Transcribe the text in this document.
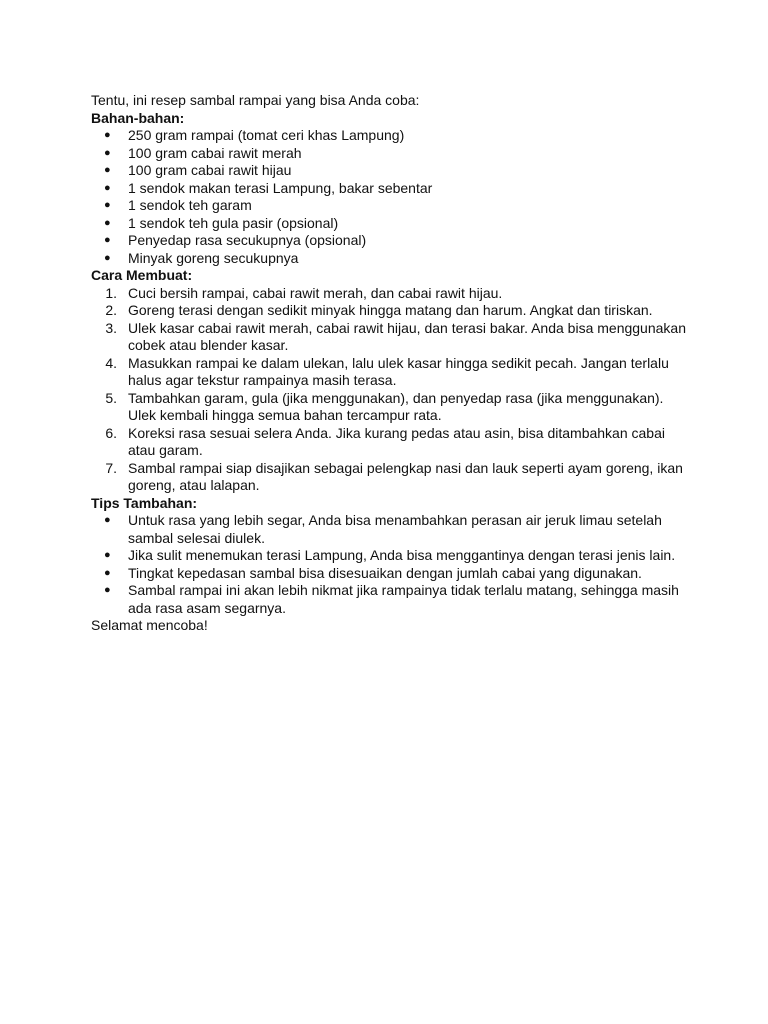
Tentu, ini resep sambal rampai yang bisa Anda coba:

Bahan-bahan:

● 250 gram rampai (tomat ceri khas Lampung)
● 100 gram cabai rawit merah
● 100 gram cabai rawit hijau
● 1 sendok makan terasi Lampung, bakar sebentar
● 1 sendok teh garam
● 1 sendok teh gula pasir (opsional)
● Penyedap rasa secukupnya (opsional)
● Minyak goreng secukupnya

Cara Membuat:

1. Cuci bersih rampai, cabai rawit merah, dan cabai rawit hijau.
2. Goreng terasi dengan sedikit minyak hingga matang dan harum. Angkat dan tiriskan.
3. Ulek kasar cabai rawit merah, cabai rawit hijau, dan terasi bakar. Anda bisa menggunakan cobek atau blender kasar.
4. Masukkan rampai ke dalam ulekan, lalu ulek kasar hingga sedikit pecah. Jangan terlalu halus agar tekstur rampainya masih terasa.
5. Tambahkan garam, gula (jika menggunakan), dan penyedap rasa (jika menggunakan). Ulek kembali hingga semua bahan tercampur rata.
6. Koreksi rasa sesuai selera Anda. Jika kurang pedas atau asin, bisa ditambahkan cabai atau garam.
7. Sambal rampai siap disajikan sebagai pelengkap nasi dan lauk seperti ayam goreng, ikan goreng, atau lalapan.

Tips Tambahan:

● Untuk rasa yang lebih segar, Anda bisa menambahkan perasan air jeruk limau setelah sambal selesai diulek.
● Jika sulit menemukan terasi Lampung, Anda bisa menggantinya dengan terasi jenis lain.
● Tingkat kepedasan sambal bisa disesuaikan dengan jumlah cabai yang digunakan.
● Sambal rampai ini akan lebih nikmat jika rampainya tidak terlalu matang, sehingga masih ada rasa asam segarnya.

Selamat mencoba!
